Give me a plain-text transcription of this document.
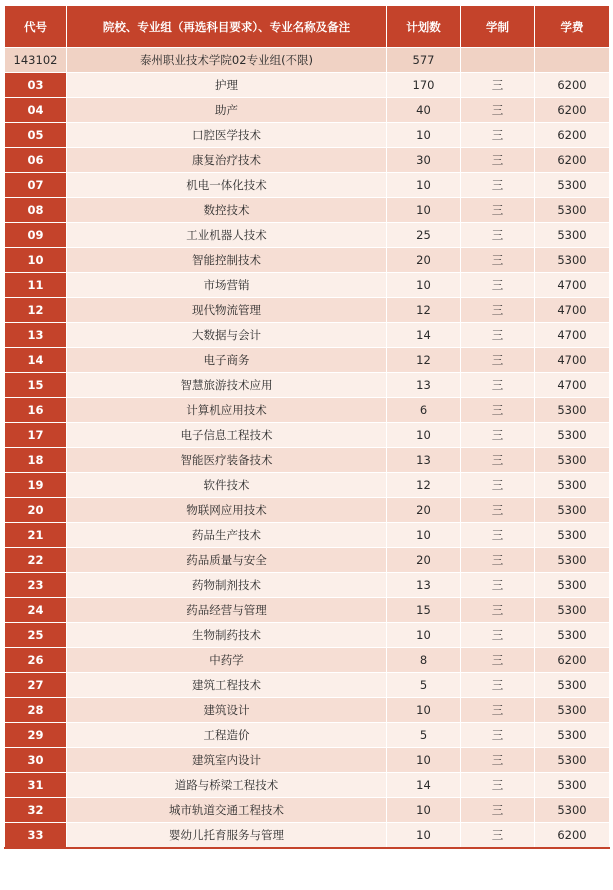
代号	院校、专业组（再选科目要求）、专业名称及备注	计划数	学制	学费
143102	泰州职业技术学院02专业组(不限)	577		
03	护理	170	三	6200
04	助产	40	三	6200
05	口腔医学技术	10	三	6200
06	康复治疗技术	30	三	6200
07	机电一体化技术	10	三	5300
08	数控技术	10	三	5300
09	工业机器人技术	25	三	5300
10	智能控制技术	20	三	5300
11	市场营销	10	三	4700
12	现代物流管理	12	三	4700
13	大数据与会计	14	三	4700
14	电子商务	12	三	4700
15	智慧旅游技术应用	13	三	4700
16	计算机应用技术	6	三	5300
17	电子信息工程技术	10	三	5300
18	智能医疗装备技术	13	三	5300
19	软件技术	12	三	5300
20	物联网应用技术	20	三	5300
21	药品生产技术	10	三	5300
22	药品质量与安全	20	三	5300
23	药物制剂技术	13	三	5300
24	药品经营与管理	15	三	5300
25	生物制药技术	10	三	5300
26	中药学	8	三	6200
27	建筑工程技术	5	三	5300
28	建筑设计	10	三	5300
29	工程造价	5	三	5300
30	建筑室内设计	10	三	5300
31	道路与桥梁工程技术	14	三	5300
32	城市轨道交通工程技术	10	三	5300
33	婴幼儿托育服务与管理	10	三	6200
